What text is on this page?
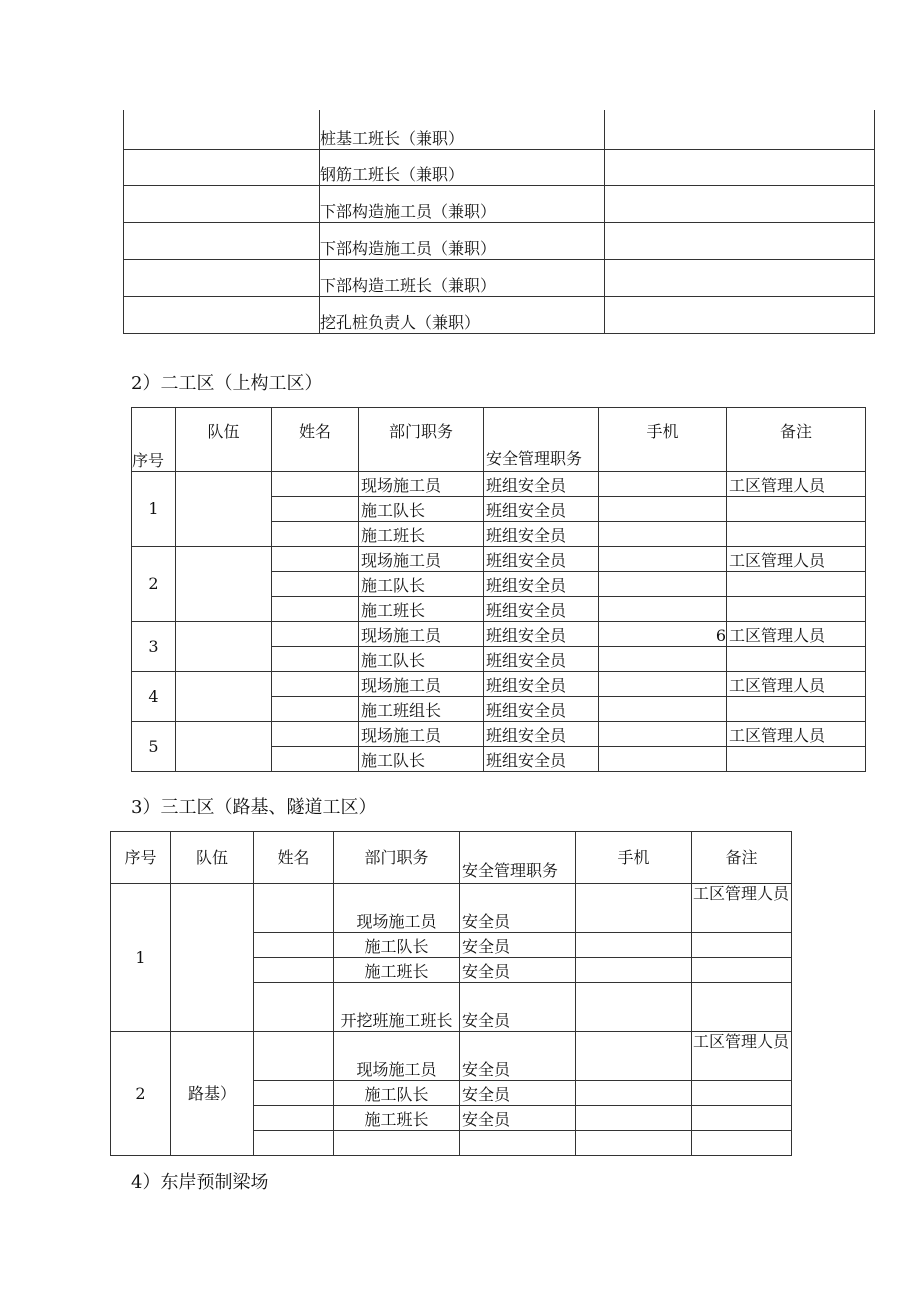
	桩基工班长（兼职）	
	钢筋工班长（兼职）	
	下部构造施工员（兼职）	
	下部构造施工员（兼职）	
	下部构造工班长（兼职）	
	挖孔桩负责人（兼职）	
2）二工区（上构工区）
序号	队伍	姓名	部门职务	安全管理职务	手机	备注
1			现场施工员	班组安全员		工区管理人员
			施工队长	班组安全员		
			施工班长	班组安全员		
2			现场施工员	班组安全员		工区管理人员
			施工队长	班组安全员		
			施工班长	班组安全员		
3			现场施工员	班组安全员	6	工区管理人员
			施工队长	班组安全员		
4			现场施工员	班组安全员		工区管理人员
			施工班组长	班组安全员		
5			现场施工员	班组安全员		工区管理人员
			施工队长	班组安全员		
3）三工区（路基、隧道工区）
序号	队伍	姓名	部门职务	安全管理职务	手机	备注
1			现场施工员	安全员		工区管理人员
			施工队长	安全员		
			施工班长	安全员		
			开挖班施工班长	安全员		
2	路基）		现场施工员	安全员		工区管理人员
			施工队长	安全员		
			施工班长	安全员		

4）东岸预制梁场
